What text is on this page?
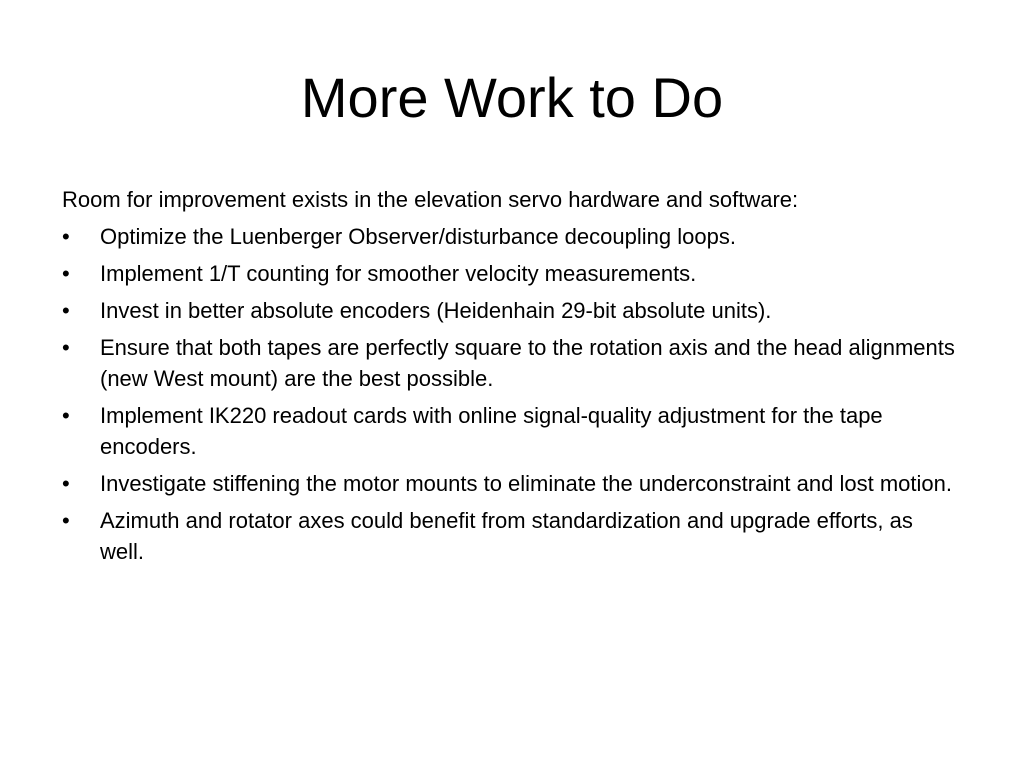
More Work to Do

Room for improvement exists in the elevation servo hardware and software:

•	Optimize the Luenberger Observer/disturbance decoupling loops.
•	Implement 1/T counting for smoother velocity measurements.
•	Invest in better absolute encoders (Heidenhain 29-bit absolute units).
•	Ensure that both tapes are perfectly square to the rotation axis and the head alignments (new West mount) are the best possible.
•	Implement IK220 readout cards with online signal-quality adjustment for the tape encoders.
•	Investigate stiffening the motor mounts to eliminate the underconstraint and lost motion.
•	Azimuth and rotator axes could benefit from standardization and upgrade efforts, as well.
